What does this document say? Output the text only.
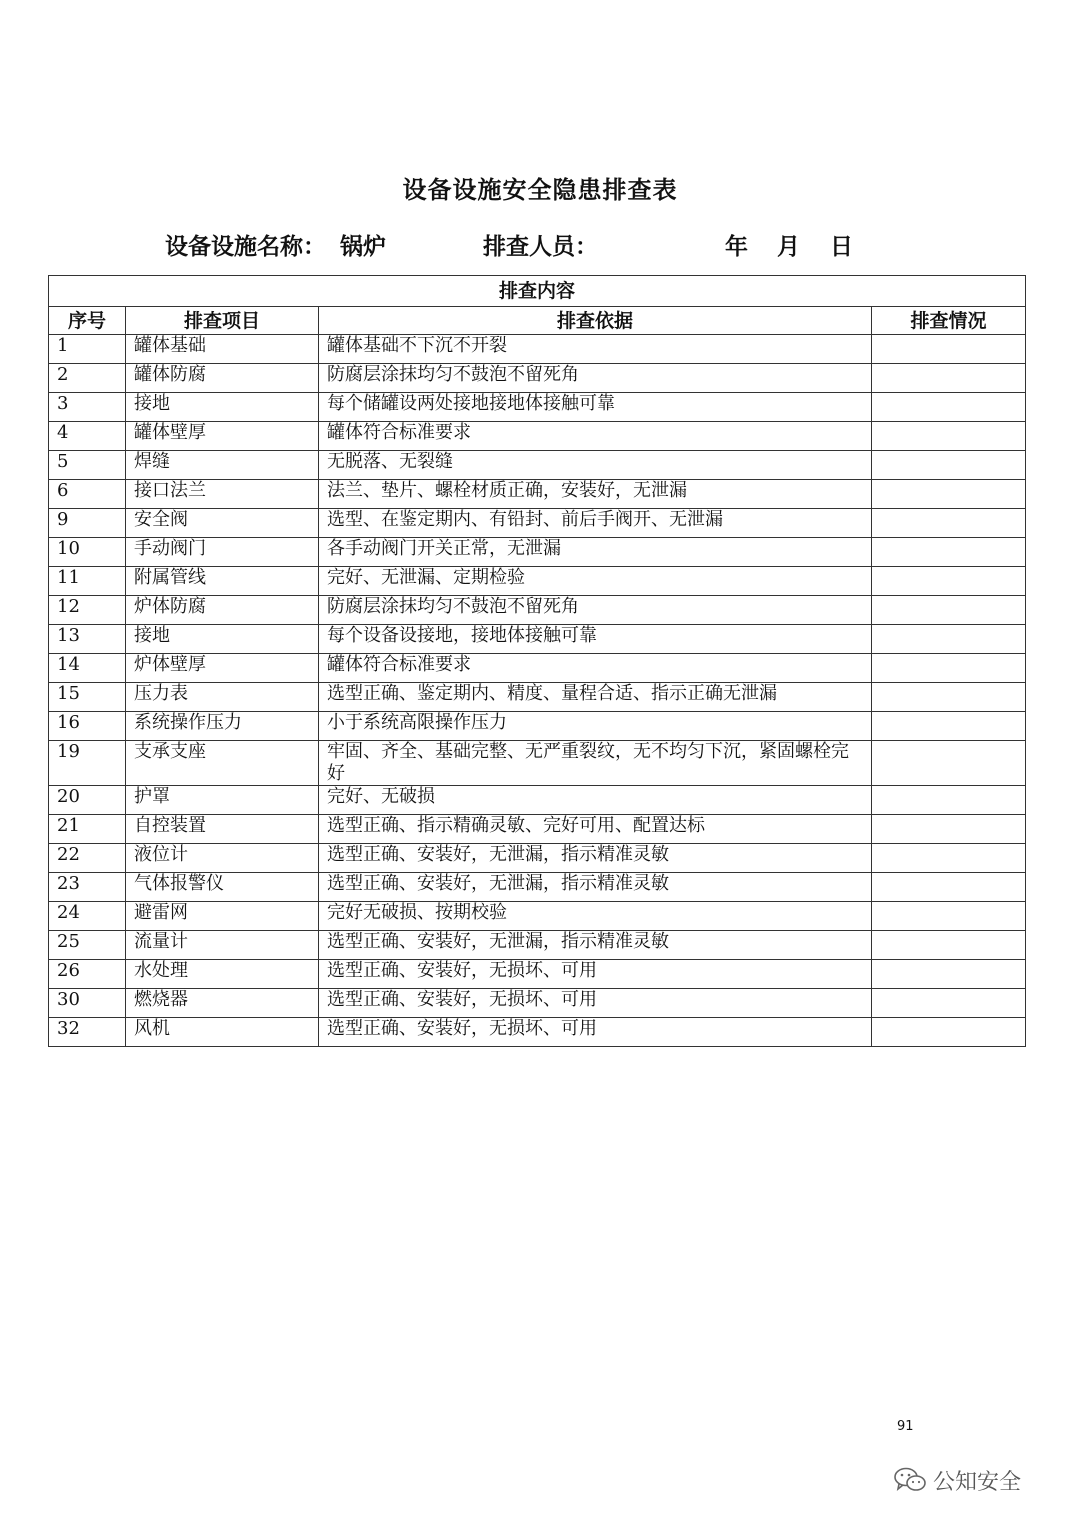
设备设施安全隐患排查表
设备设施名称： 锅炉	排查人员：	年 月 日
排查内容			
序号	排查项目	排查依据	排查情况
1	罐体基础	罐体基础不下沉不开裂	
2	罐体防腐	防腐层涂抹均匀不鼓泡不留死角	
3	接地	每个储罐设两处接地接地体接触可靠	
4	罐体壁厚	罐体符合标准要求	
5	焊缝	无脱落、无裂缝	
6	接口法兰	法兰、垫片、螺栓材质正确，安装好，无泄漏	
9	安全阀	选型、在鉴定期内、有铅封、前后手阀开、无泄漏	
10	手动阀门	各手动阀门开关正常，无泄漏	
11	附属管线	完好、无泄漏、定期检验	
12	炉体防腐	防腐层涂抹均匀不鼓泡不留死角	
13	接地	每个设备设接地，接地体接触可靠	
14	炉体壁厚	罐体符合标准要求	
15	压力表	选型正确、鉴定期内、精度、量程合适、指示正确无泄漏	
16	系统操作压力	小于系统高限操作压力	
19	支承支座	牢固、齐全、基础完整、无严重裂纹，无不均匀下沉，紧固螺栓完好	
20	护罩	完好、无破损	
21	自控装置	选型正确、指示精确灵敏、完好可用、配置达标	
22	液位计	选型正确、安装好，无泄漏，指示精准灵敏	
23	气体报警仪	选型正确、安装好，无泄漏，指示精准灵敏	
24	避雷网	完好无破损、按期校验	
25	流量计	选型正确、安装好，无泄漏，指示精准灵敏	
26	水处理	选型正确、安装好，无损坏、可用	
30	燃烧器	选型正确、安装好，无损坏、可用	
32	风机	选型正确、安装好，无损坏、可用	
91
公知安全
